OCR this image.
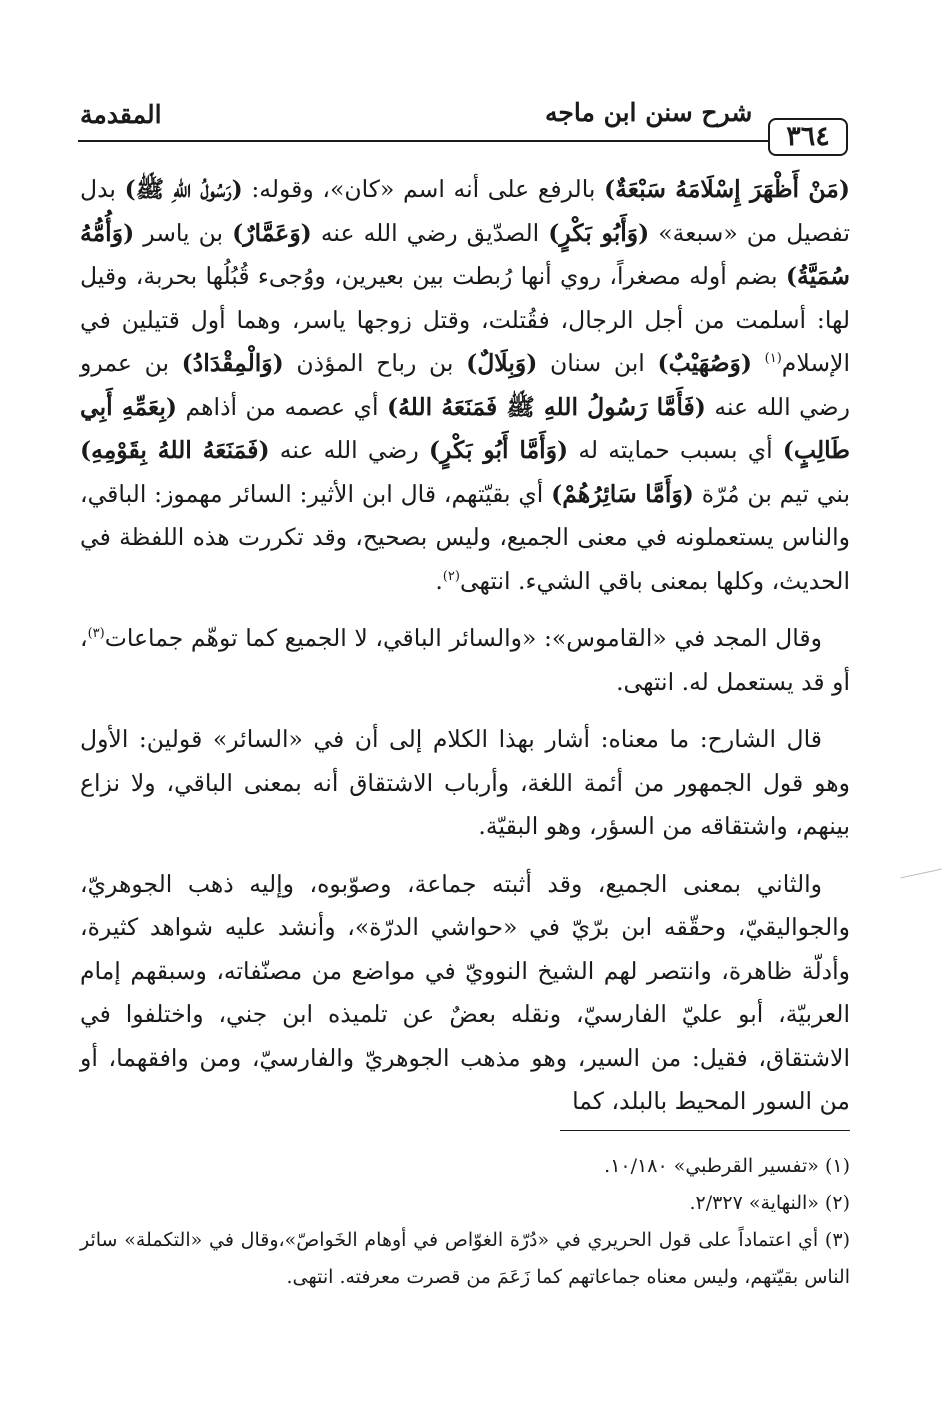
المقدمة	شرح سنن ابن ماجه
٣٦٤

(مَنْ أَظْهَرَ إِسْلَامَهُ سَبْعَةٌ) بالرفع على أنه اسم «كان»، وقوله: (رَسُولُ اللهِ ﷺ) بدل تفصيل من «سبعة» (وَأَبُو بَكْرٍ) الصدّيق رضي الله عنه (وَعَمَّارٌ) بن ياسر (وَأُمُّهُ سُمَيَّةُ) بضم أوله مصغراً، روي أنها رُبطت بين بعيرين، ووُجىء قُبُلُها بحربة، وقيل لها: أسلمت من أجل الرجال، فقُتلت، وقتل زوجها ياسر، وهما أول قتيلين في الإسلام$^{(١)}$ (وَصُهَيْبٌ) ابن سنان (وَبِلَالٌ) بن رباح المؤذن (وَالْمِقْدَادُ) بن عمرو رضي الله عنه (فَأَمَّا رَسُولُ اللهِ ﷺ فَمَنَعَهُ اللهُ) أي عصمه من أذاهم (بِعَمِّهِ أَبِي طَالِبٍ) أي بسبب حمايته له (وَأَمَّا أَبُو بَكْرٍ) رضي الله عنه (فَمَنَعَهُ اللهُ بِقَوْمِهِ) بني تيم بن مُرّة (وَأَمَّا سَائِرُهُمْ) أي بقيّتهم، قال ابن الأثير: السائر مهموز: الباقي، والناس يستعملونه في معنى الجميع، وليس بصحيح، وقد تكررت هذه اللفظة في الحديث، وكلها بمعنى باقي الشيء. انتهى$^{(٢)}$.

وقال المجد في «القاموس»: «والسائر الباقي، لا الجميع كما توهّم جماعات$^{(٣)}$، أو قد يستعمل له. انتهى.

قال الشارح: ما معناه: أشار بهذا الكلام إلى أن في «السائر» قولين: الأول وهو قول الجمهور من أئمة اللغة، وأرباب الاشتقاق أنه بمعنى الباقي، ولا نزاع بينهم، واشتقاقه من السؤر، وهو البقيّة.

والثاني بمعنى الجميع، وقد أثبته جماعة، وصوّبوه، وإليه ذهب الجوهريّ، والجواليقيّ، وحقّقه ابن برّيّ في «حواشي الدرّة»، وأنشد عليه شواهد كثيرة، وأدلّة ظاهرة، وانتصر لهم الشيخ النوويّ في مواضع من مصنّفاته، وسبقهم إمام العربيّة، أبو عليّ الفارسيّ، ونقله بعضٌ عن تلميذه ابن جني، واختلفوا في الاشتقاق، فقيل: من السير، وهو مذهب الجوهريّ والفارسيّ، ومن وافقهما، أو من السور المحيط بالبلد، كما

(١) «تفسير القرطبي» ١٠/١٨٠.
(٢) «النهاية» ٢/٣٢٧.
(٣) أي اعتماداً على قول الحريري في «دُرّة الغوّاص في أوهام الخَواصّ»،وقال في «التكملة» سائر الناس بقيّتهم، وليس معناه جماعاتهم كما زَعَمَ من قصرت معرفته. انتهى.
